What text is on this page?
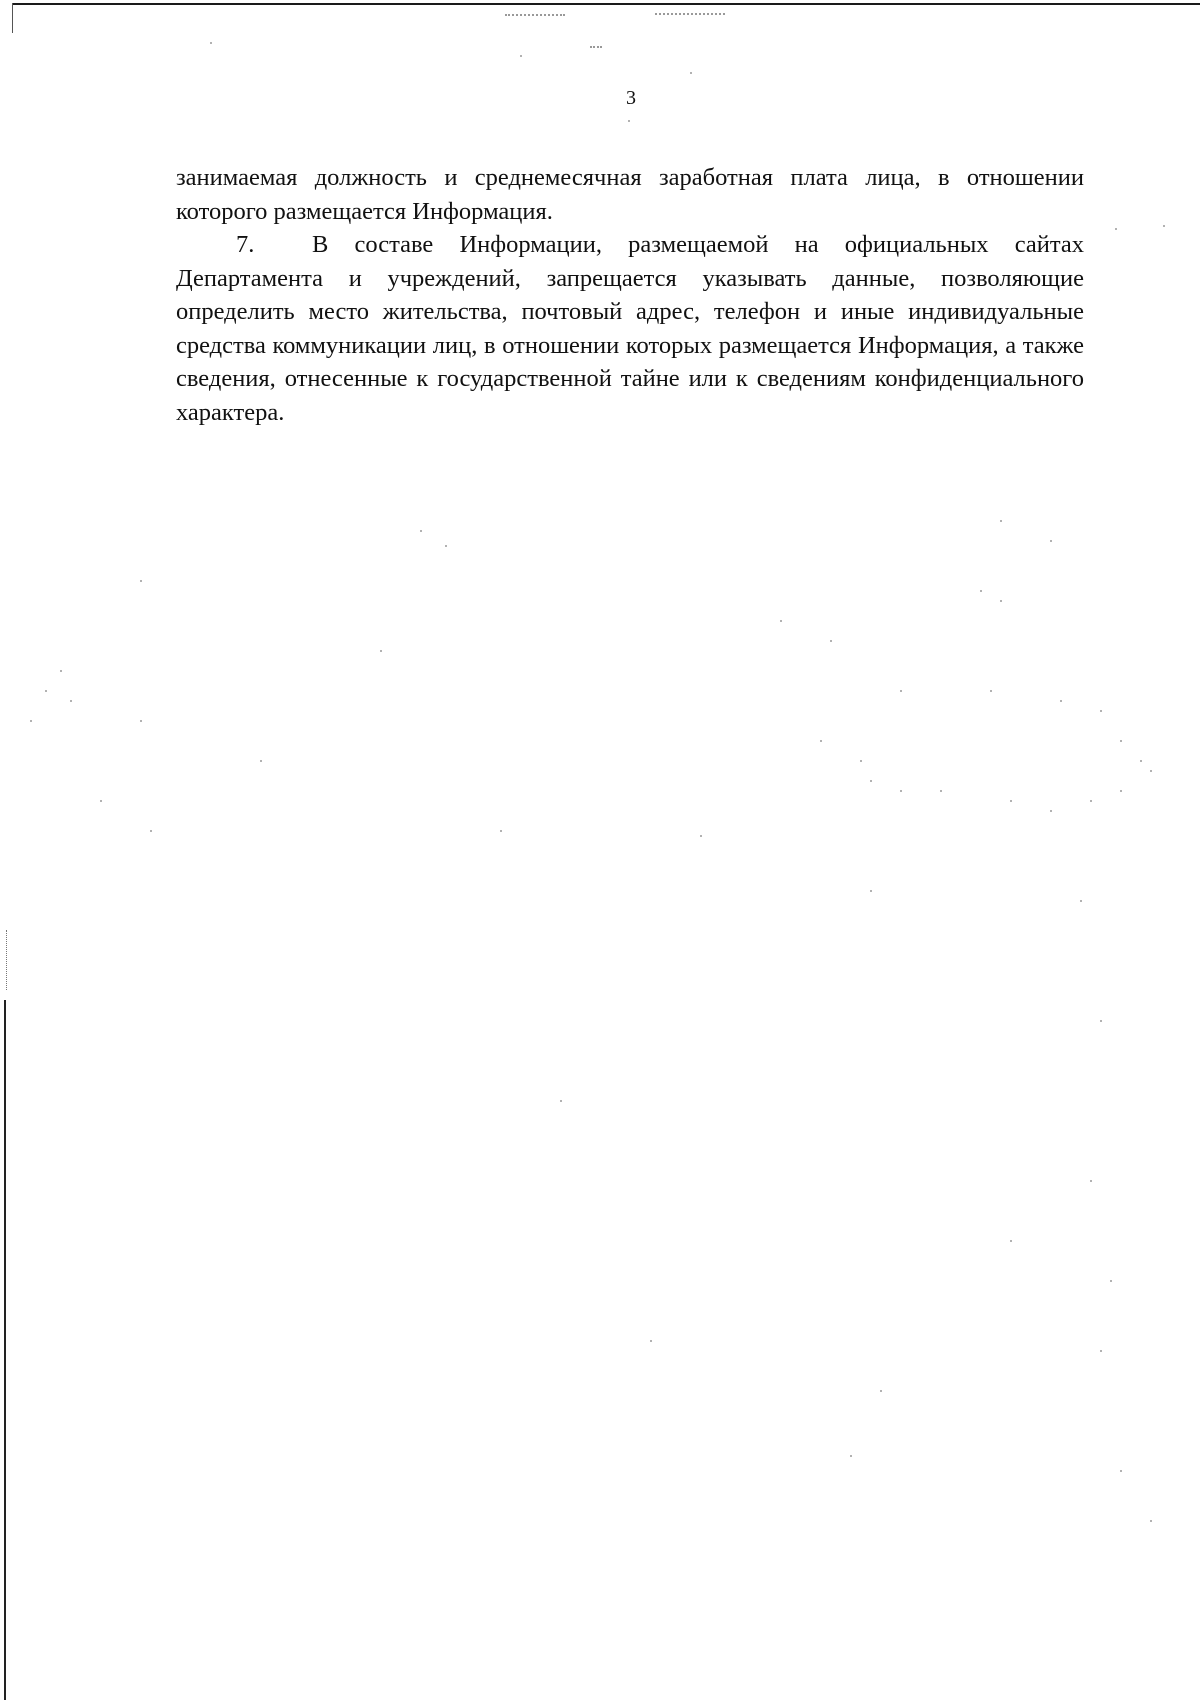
3

занимаемая должность и среднемесячная заработная плата лица, в отношении которого размещается Информация.

7. В составе Информации, размещаемой на официальных сайтах Департамента и учреждений, запрещается указывать данные, позволяющие определить место жительства, почтовый адрес, телефон и иные индивидуальные средства коммуникации лиц, в отношении которых размещается Информация, а также сведения, отнесенные к государственной тайне или к сведениям конфиденциального характера.
